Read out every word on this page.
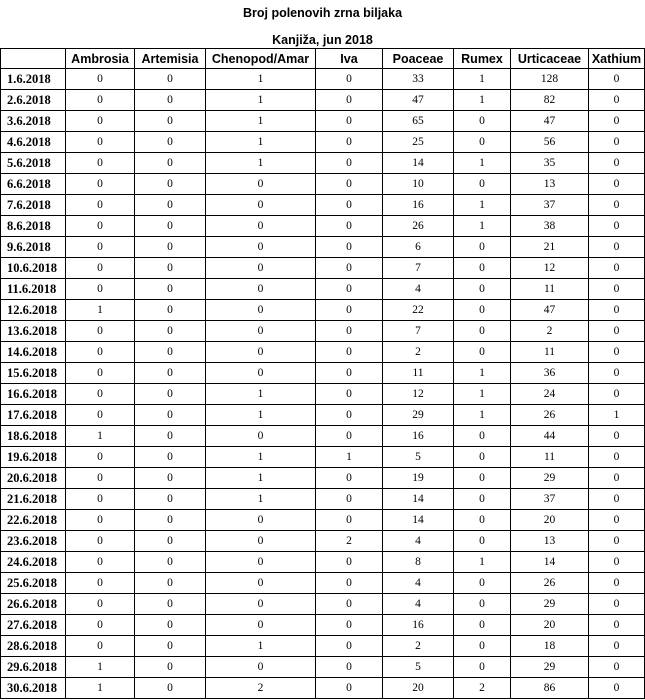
Broj polenovih zrna biljaka
Kanjiža, jun 2018
	Ambrosia	Artemisia	Chenopod/Amar	Iva	Poaceae	Rumex	Urticaceae	Xathium
1.6.2018	0	0	1	0	33	1	128	0
2.6.2018	0	0	1	0	47	1	82	0
3.6.2018	0	0	1	0	65	0	47	0
4.6.2018	0	0	1	0	25	0	56	0
5.6.2018	0	0	1	0	14	1	35	0
6.6.2018	0	0	0	0	10	0	13	0
7.6.2018	0	0	0	0	16	1	37	0
8.6.2018	0	0	0	0	26	1	38	0
9.6.2018	0	0	0	0	6	0	21	0
10.6.2018	0	0	0	0	7	0	12	0
11.6.2018	0	0	0	0	4	0	11	0
12.6.2018	1	0	0	0	22	0	47	0
13.6.2018	0	0	0	0	7	0	2	0
14.6.2018	0	0	0	0	2	0	11	0
15.6.2018	0	0	0	0	11	1	36	0
16.6.2018	0	0	1	0	12	1	24	0
17.6.2018	0	0	1	0	29	1	26	1
18.6.2018	1	0	0	0	16	0	44	0
19.6.2018	0	0	1	1	5	0	11	0
20.6.2018	0	0	1	0	19	0	29	0
21.6.2018	0	0	1	0	14	0	37	0
22.6.2018	0	0	0	0	14	0	20	0
23.6.2018	0	0	0	2	4	0	13	0
24.6.2018	0	0	0	0	8	1	14	0
25.6.2018	0	0	0	0	4	0	26	0
26.6.2018	0	0	0	0	4	0	29	0
27.6.2018	0	0	0	0	16	0	20	0
28.6.2018	0	0	1	0	2	0	18	0
29.6.2018	1	0	0	0	5	0	29	0
30.6.2018	1	0	2	0	20	2	86	0
